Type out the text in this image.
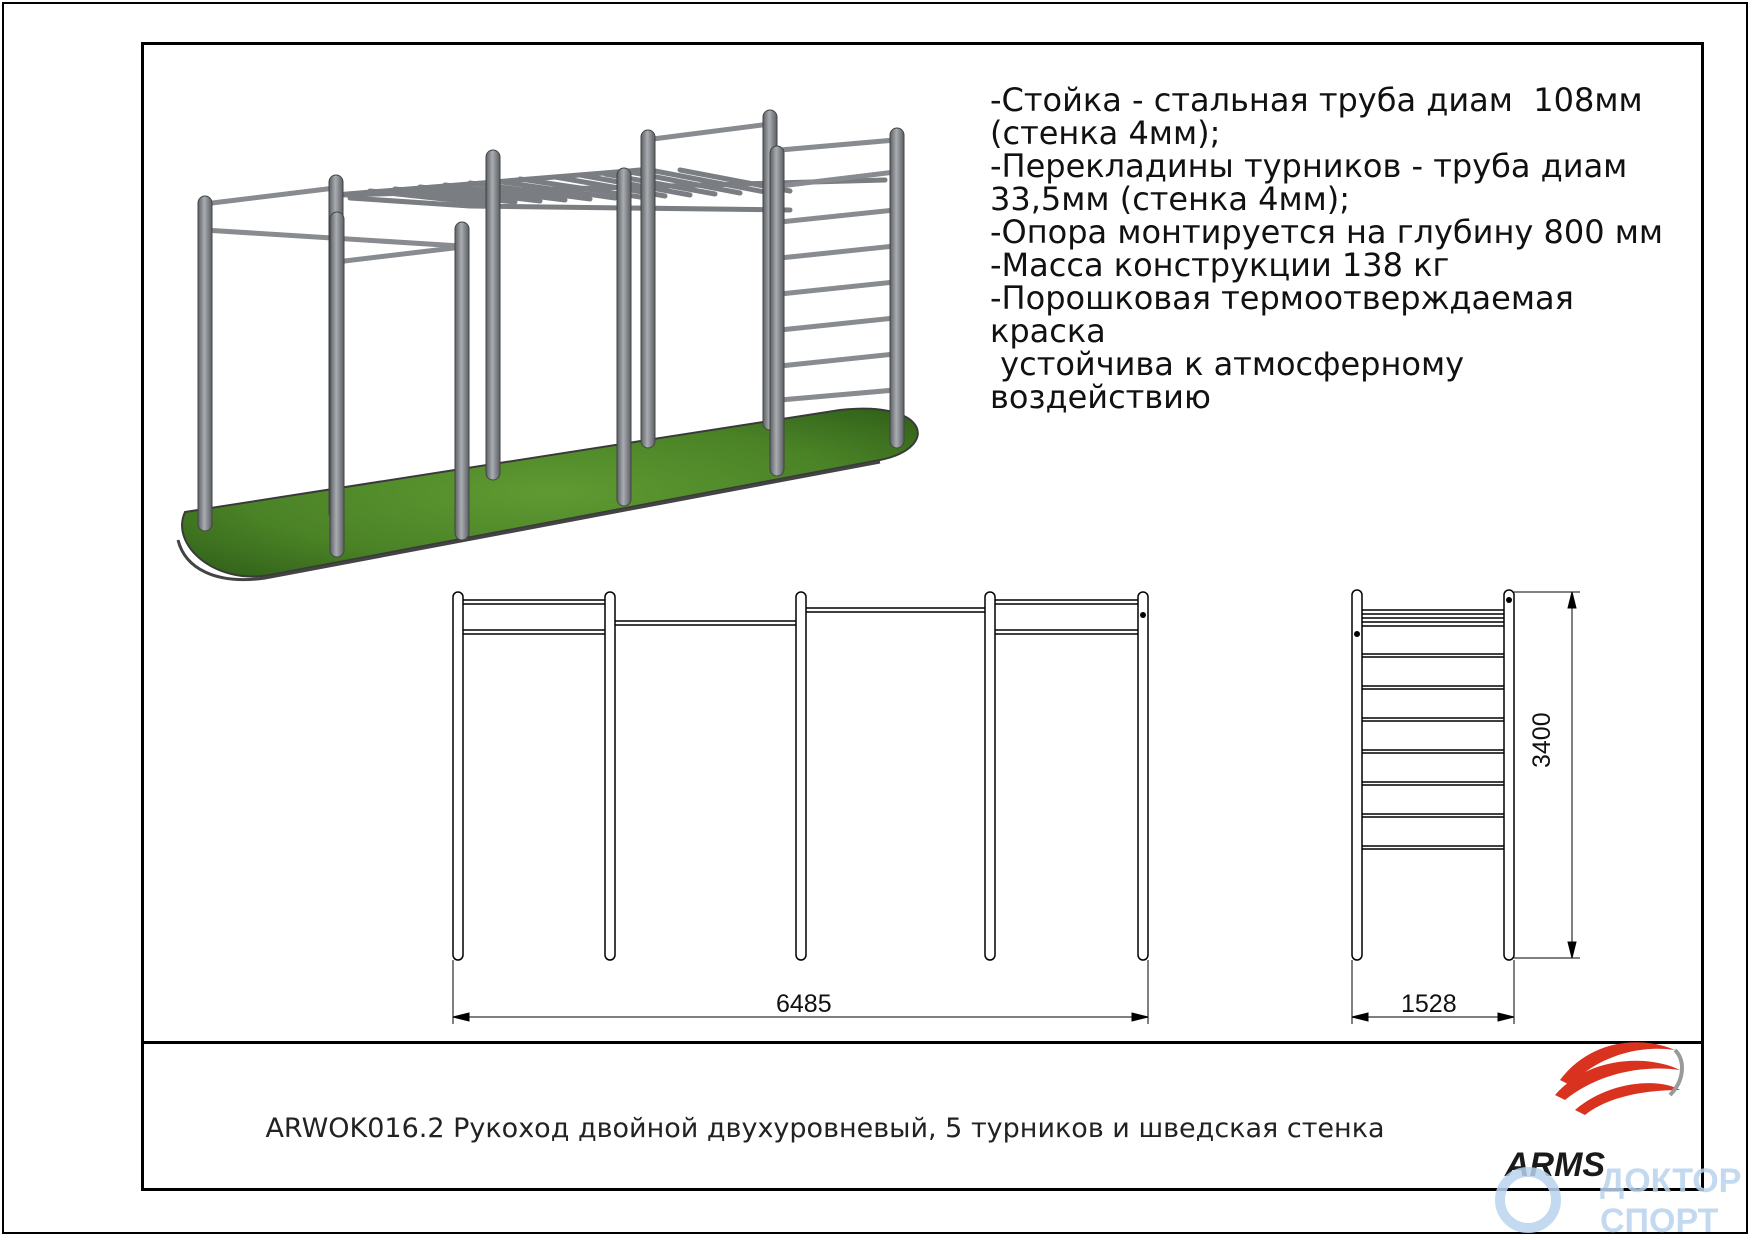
-Стойка - стальная труба диам  108мм
(стенка 4мм);
-Перекладины турников - труба диам
33,5мм (стенка 4мм);
-Опора монтируется на глубину 800 мм
-Масса конструкции 138 кг
-Порошковая термоотверждаемая
краска
устойчива к атмосферному
воздействию
6485	1528
3400
ARWOK016.2 Рукоход двойной двухуровневый, 5 турников и шведская стенка
ARMS
ДОКТОР
СПОРТ
